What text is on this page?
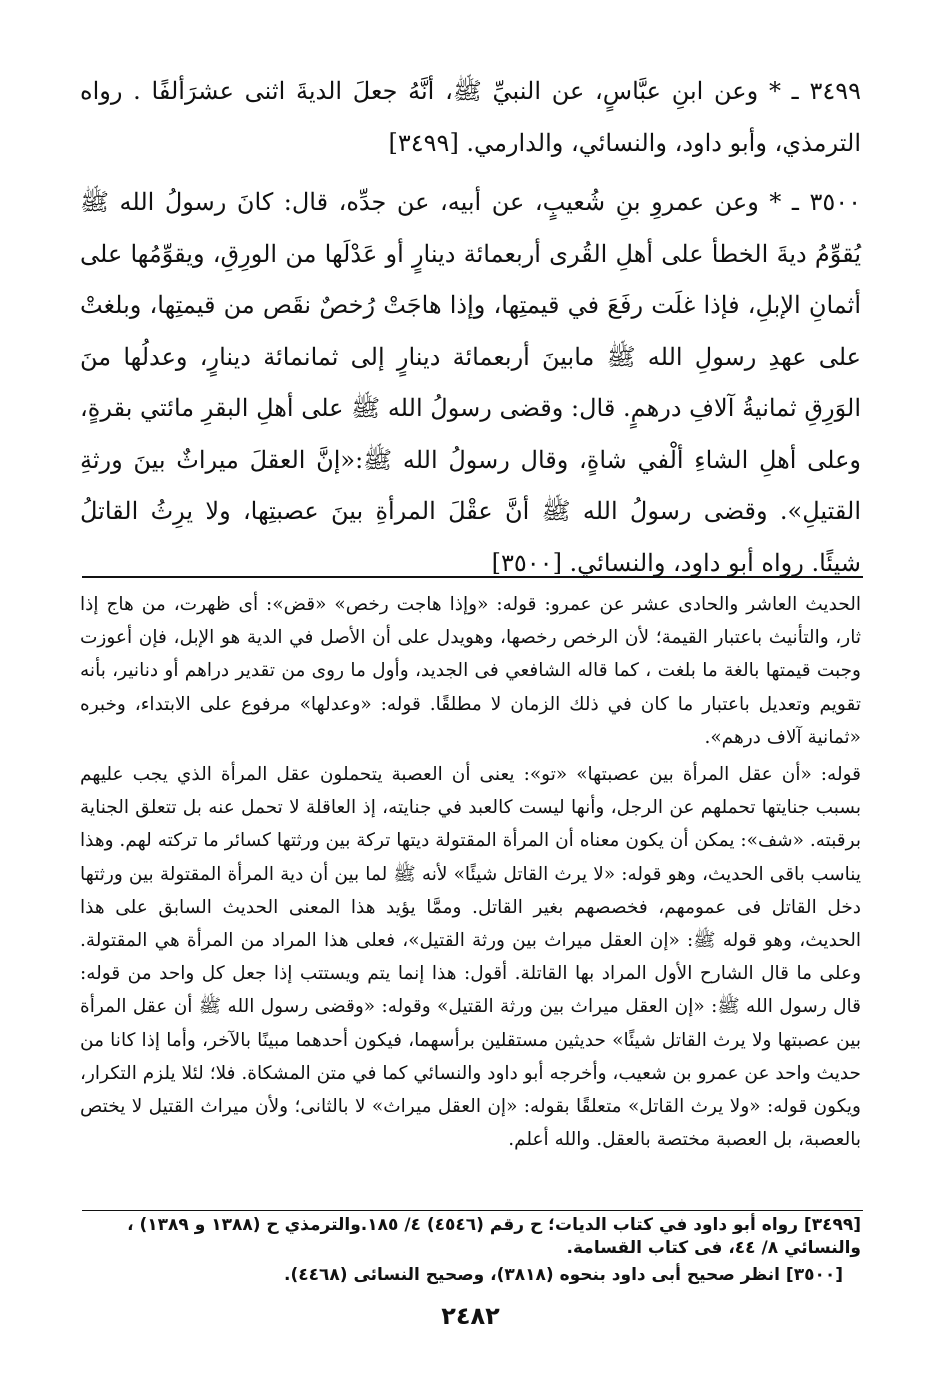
٣٤٩٩ ـ * وعن ابنِ عبَّاسٍ، عن النبيِّ ﷺ، أنَّهُ جعلَ الديةَ اثنى عشرَألفًا . رواه الترمذي، وأبو داود، والنسائي، والدارمي. [٣٤٩٩]

٣٥٠٠ ـ * وعن عمروِ بنِ شُعيبٍ، عن أبيه، عن جدِّه، قال: كانَ رسولُ الله ﷺ يُقوِّمُ ديةَ الخطأ على أهلِ القُرى أربعمائة دينارٍ أو عَدْلَها من الورِقِ، ويقوِّمُها على أثمانِ الإبلِ، فإذا غلَت رفَعَ في قيمتِها، وإذا هاجَتْ رُخصٌ نقَص من قيمتِها، وبلغتْ على عهدِ رسولِ الله ﷺ مابينَ أربعمائة دينارٍ إلى ثمانمائة دينارٍ، وعدلُها منَ الوَرِقِ ثمانيةُ آلافِ درهمٍ. قال: وقضى رسولُ الله ﷺ على أهلِ البقرِ مائتي بقرةٍ، وعلى أهلِ الشاءِ ألْفي شاةٍ، وقال رسولُ الله ﷺ:«إنَّ العقلَ ميراثٌ بينَ ورثةِ القتيلِ». وقضى رسولُ الله ﷺ أنَّ عقْلَ المرأةِ بينَ عصبتِها، ولا يرِثُ القاتلُ شيئًا. رواه أبو داود، والنسائي. [٣٥٠٠]

الحديث العاشر والحادى عشر عن عمرو: قوله: «وإذا هاجت رخص» «قض»: أى ظهرت، من هاج إذا ثار، والتأنيث باعتبار القيمة؛ لأن الرخص رخصها، وهويدل على أن الأصل في الدية هو الإبل، فإن أعوزت وجبت قيمتها بالغة ما بلغت ، كما قاله الشافعي فى الجديد، وأول ما روى من تقدير دراهم أو دنانير، بأنه تقويم وتعديل باعتبار ما كان في ذلك الزمان لا مطلقًا. قوله: «وعدلها» مرفوع على الابتداء، وخبره «ثمانية آلاف درهم».

قوله: «أن عقل المرأة بين عصبتها» «تو»: يعنى أن العصبة يتحملون عقل المرأة الذي يجب عليهم بسبب جنايتها تحملهم عن الرجل، وأنها ليست كالعبد في جنايته، إذ العاقلة لا تحمل عنه بل تتعلق الجناية برقبته. «شف»: يمكن أن يكون معناه أن المرأة المقتولة ديتها تركة بين ورثتها كسائر ما تركته لهم. وهذا يناسب باقى الحديث، وهو قوله: «لا يرث القاتل شيئًا» لأنه ﷺ لما بين أن دية المرأة المقتولة بين ورثتها دخل القاتل فى عمومهم، فخصصهم بغير القاتل. وممَّا يؤيد هذا المعنى الحديث السابق على هذا الحديث، وهو قوله ﷺ: «إن العقل ميراث بين ورثة القتيل»، فعلى هذا المراد من المرأة هي المقتولة. وعلى ما قال الشارح الأول المراد بها القاتلة. أقول: هذا إنما يتم ويستتب إذا جعل كل واحد من قوله: قال رسول الله ﷺ: «إن العقل ميراث بين ورثة القتيل» وقوله: «وقضى رسول الله ﷺ أن عقل المرأة بين عصبتها ولا يرث القاتل شيئًا» حديثين مستقلين برأسهما، فيكون أحدهما مبينًا بالآخر، وأما إذا كانا من حديث واحد عن عمرو بن شعيب، وأخرجه أبو داود والنسائي كما في متن المشكاة. فلا؛ لئلا يلزم التكرار، ويكون قوله: «ولا يرث القاتل» متعلقًا بقوله: «إن العقل ميراث» لا بالثانى؛ ولأن ميراث القتيل لا يختص بالعصبة، بل العصبة مختصة بالعقل. والله أعلم.

[٣٤٩٩] رواه أبو داود في كتاب الديات؛ ح رقم (٤٥٤٦) ٤/ ١٨٥.والترمذي ح (١٣٨٨ و ١٣٨٩) ، والنسائي ٨/ ٤٤، فى كتاب القسامة.

[٣٥٠٠] انظر صحيح أبى داود بنحوه (٣٨١٨)، وصحيح النسائى (٤٤٦٨).

٢٤٨٢
